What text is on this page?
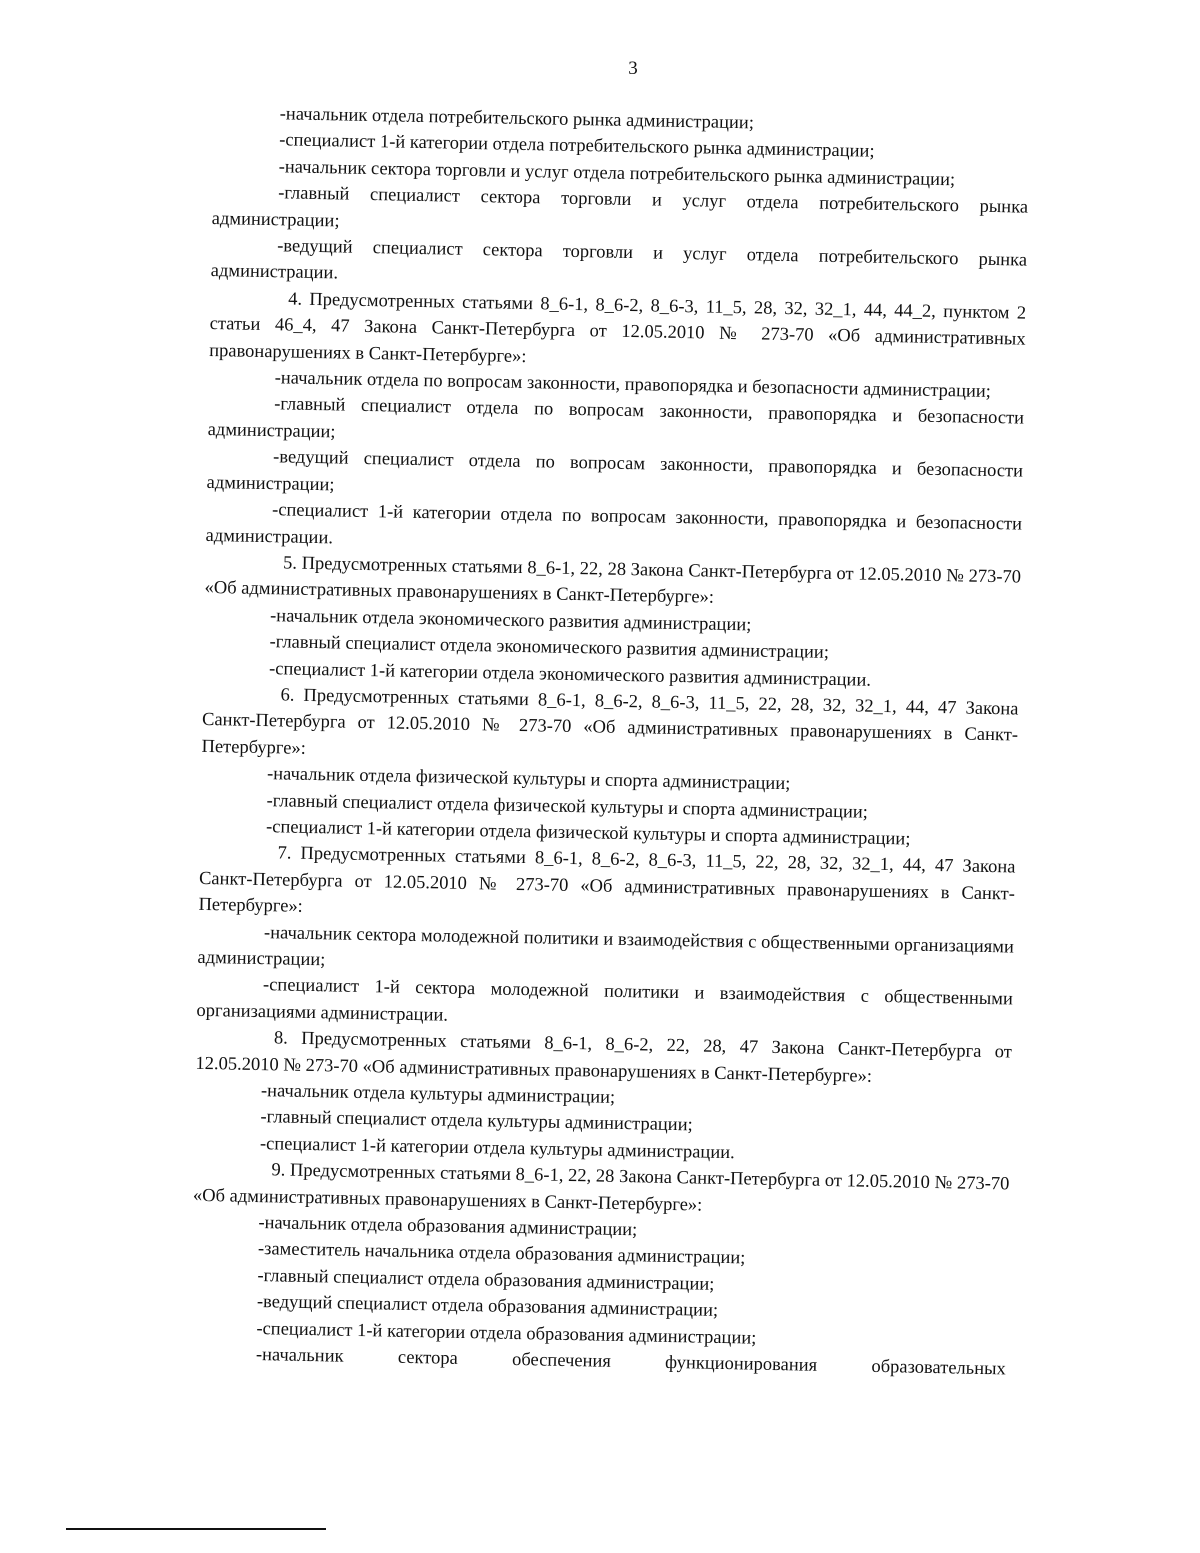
3

-начальник отдела потребительского рынка администрации;

-специалист 1-й категории отдела потребительского рынка администрации;

-начальник сектора торговли и услуг отдела потребительского рынка администрации;

-главный специалист сектора торговли и услуг отдела потребительского рынка администрации;

-ведущий специалист сектора торговли и услуг отдела потребительского рынка администрации.

4. Предусмотренных статьями 8_6-1, 8_6-2, 8_6-3, 11_5, 28, 32, 32_1, 44, 44_2, пунктом 2 статьи 46_4, 47 Закона Санкт-Петербурга от 12.05.2010 № 273-70 «Об административных правонарушениях в Санкт-Петербурге»:

-начальник отдела по вопросам законности, правопорядка и безопасности администрации;

-главный специалист отдела по вопросам законности, правопорядка и безопасности администрации;

-ведущий специалист отдела по вопросам законности, правопорядка и безопасности администрации;

-специалист 1-й категории отдела по вопросам законности, правопорядка и безопасности администрации.

5. Предусмотренных статьями 8_6-1, 22, 28 Закона Санкт-Петербурга от 12.05.2010 № 273-70 «Об административных правонарушениях в Санкт-Петербурге»:

-начальник отдела экономического развития администрации;

-главный специалист отдела экономического развития администрации;

-специалист 1-й категории отдела экономического развития администрации.

6. Предусмотренных статьями 8_6-1, 8_6-2, 8_6-3, 11_5, 22, 28, 32, 32_1, 44, 47 Закона Санкт-Петербурга от 12.05.2010 № 273-70 «Об административных правонарушениях в Санкт-Петербурге»:

-начальник отдела физической культуры и спорта администрации;

-главный специалист отдела физической культуры и спорта администрации;

-специалист 1-й категории отдела физической культуры и спорта администрации;

7. Предусмотренных статьями 8_6-1, 8_6-2, 8_6-3, 11_5, 22, 28, 32, 32_1, 44, 47 Закона Санкт-Петербурга от 12.05.2010 № 273-70 «Об административных правонарушениях в Санкт-Петербурге»:

-начальник сектора молодежной политики и взаимодействия с общественными организациями администрации;

-специалист 1-й сектора молодежной политики и взаимодействия с общественными организациями администрации.

8. Предусмотренных статьями 8_6-1, 8_6-2, 22, 28, 47 Закона Санкт-Петербурга от 12.05.2010 № 273-70 «Об административных правонарушениях в Санкт-Петербурге»:

-начальник отдела культуры администрации;

-главный специалист отдела культуры администрации;

-специалист 1-й категории отдела культуры администрации.

9. Предусмотренных статьями 8_6-1, 22, 28 Закона Санкт-Петербурга от 12.05.2010 № 273-70 «Об административных правонарушениях в Санкт-Петербурге»:

-начальник отдела образования администрации;

-заместитель начальника отдела образования администрации;

-главный специалист отдела образования администрации;

-ведущий специалист отдела образования администрации;

-специалист 1-й категории отдела образования администрации;

-начальник сектора обеспечения функционирования образовательных
